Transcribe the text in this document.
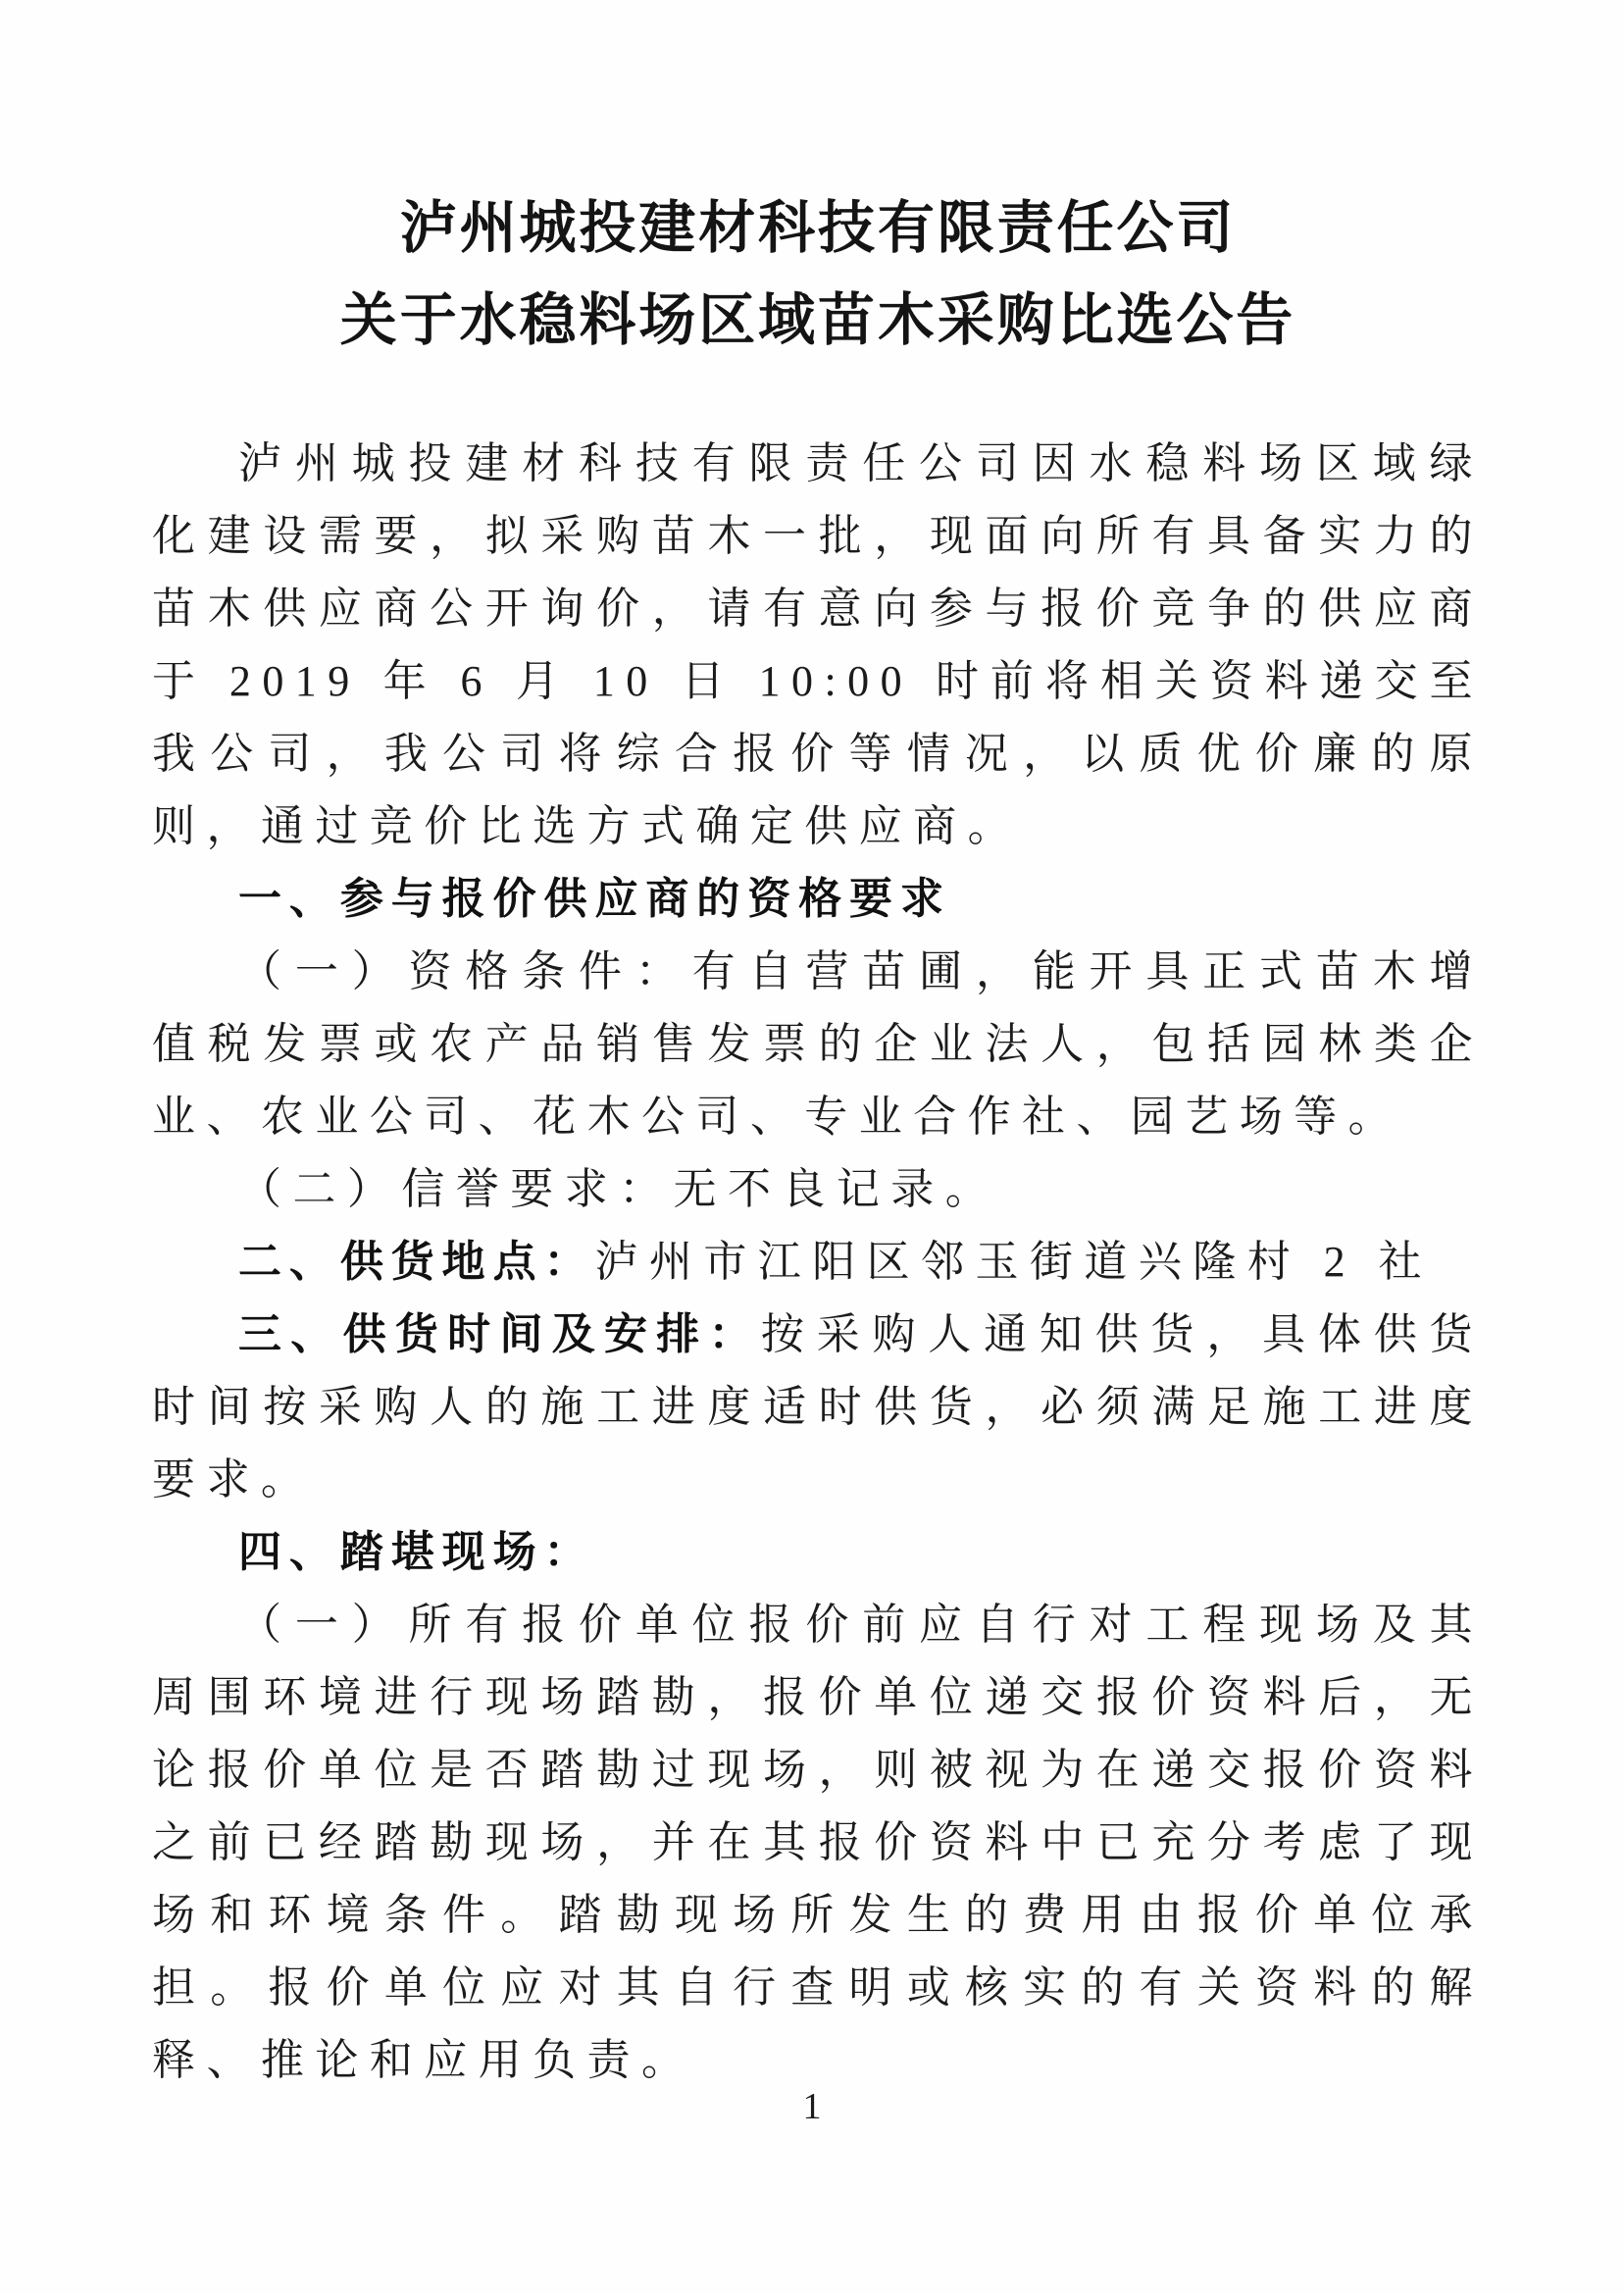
泸州城投建材科技有限责任公司
关于水稳料场区域苗木采购比选公告

泸州城投建材科技有限责任公司因水稳料场区域绿化建设需要，拟采购苗木一批，现面向所有具备实力的苗木供应商公开询价，请有意向参与报价竞争的供应商于 2019 年 6 月 10 日 10:00 时前将相关资料递交至我公司，我公司将综合报价等情况，以质优价廉的原则，通过竞价比选方式确定供应商。

一、参与报价供应商的资格要求

（一）资格条件：有自营苗圃，能开具正式苗木增值税发票或农产品销售发票的企业法人，包括园林类企业、农业公司、花木公司、专业合作社、园艺场等。

（二）信誉要求：无不良记录。

二、供货地点：泸州市江阳区邻玉街道兴隆村 2 社

三、供货时间及安排：按采购人通知供货，具体供货时间按采购人的施工进度适时供货，必须满足施工进度要求。

四、踏堪现场：

（一）所有报价单位报价前应自行对工程现场及其周围环境进行现场踏勘，报价单位递交报价资料后，无论报价单位是否踏勘过现场，则被视为在递交报价资料之前已经踏勘现场，并在其报价资料中已充分考虑了现场和环境条件。踏勘现场所发生的费用由报价单位承担。报价单位应对其自行查明或核实的有关资料的解释、推论和应用负责。

1
